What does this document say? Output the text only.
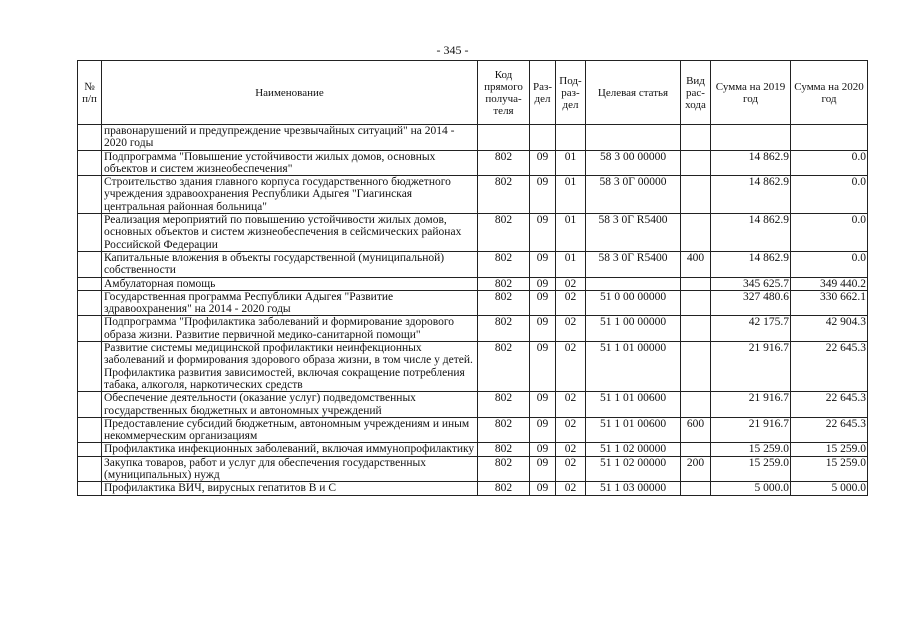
- 345 -
№ п/п	Наименование	Код прямого получа-теля	Раз-дел	Под-раз-дел	Целевая статья	Вид рас-хода	Сумма на 2019 год	Сумма на 2020 год
	правонарушений и предупреждение чрезвычайных ситуаций" на 2014 - 2020 годы							
	Подпрограмма "Повышение устойчивости жилых домов, основных объектов и систем жизнеобеспечения"	802	09	01	58 3 00 00000		14 862.9	0.0
	Строительство здания главного корпуса государственного бюджетного учреждения здравоохранения Республики Адыгея "Гиагинская центральная районная больница"	802	09	01	58 3 0Г 00000		14 862.9	0.0
	Реализация мероприятий по повышению устойчивости жилых домов, основных объектов и систем жизнеобеспечения в сейсмических районах Российской Федерации	802	09	01	58 3 0Г R5400		14 862.9	0.0
	Капитальные вложения в объекты государственной (муниципальной) собственности	802	09	01	58 3 0Г R5400	400	14 862.9	0.0
	Амбулаторная помощь	802	09	02			345 625.7	349 440.2
	Государственная программа Республики Адыгея "Развитие здравоохранения" на 2014 - 2020 годы	802	09	02	51 0 00 00000		327 480.6	330 662.1
	Подпрограмма "Профилактика заболеваний и формирование здорового образа жизни. Развитие первичной медико-санитарной помощи"	802	09	02	51 1 00 00000		42 175.7	42 904.3
	Развитие системы медицинской профилактики неинфекционных заболеваний и формирования здорового образа жизни, в том числе у детей. Профилактика развития зависимостей, включая сокращение потребления табака, алкоголя, наркотических средств	802	09	02	51 1 01 00000		21 916.7	22 645.3
	Обеспечение деятельности (оказание услуг) подведомственных государственных бюджетных и автономных учреждений	802	09	02	51 1 01 00600		21 916.7	22 645.3
	Предоставление субсидий бюджетным, автономным учреждениям и иным некоммерческим организациям	802	09	02	51 1 01 00600	600	21 916.7	22 645.3
	Профилактика инфекционных заболеваний, включая иммунопрофилактику	802	09	02	51 1 02 00000		15 259.0	15 259.0
	Закупка товаров, работ и услуг для обеспечения государственных (муниципальных) нужд	802	09	02	51 1 02 00000	200	15 259.0	15 259.0
	Профилактика ВИЧ, вирусных гепатитов В и С	802	09	02	51 1 03 00000		5 000.0	5 000.0
